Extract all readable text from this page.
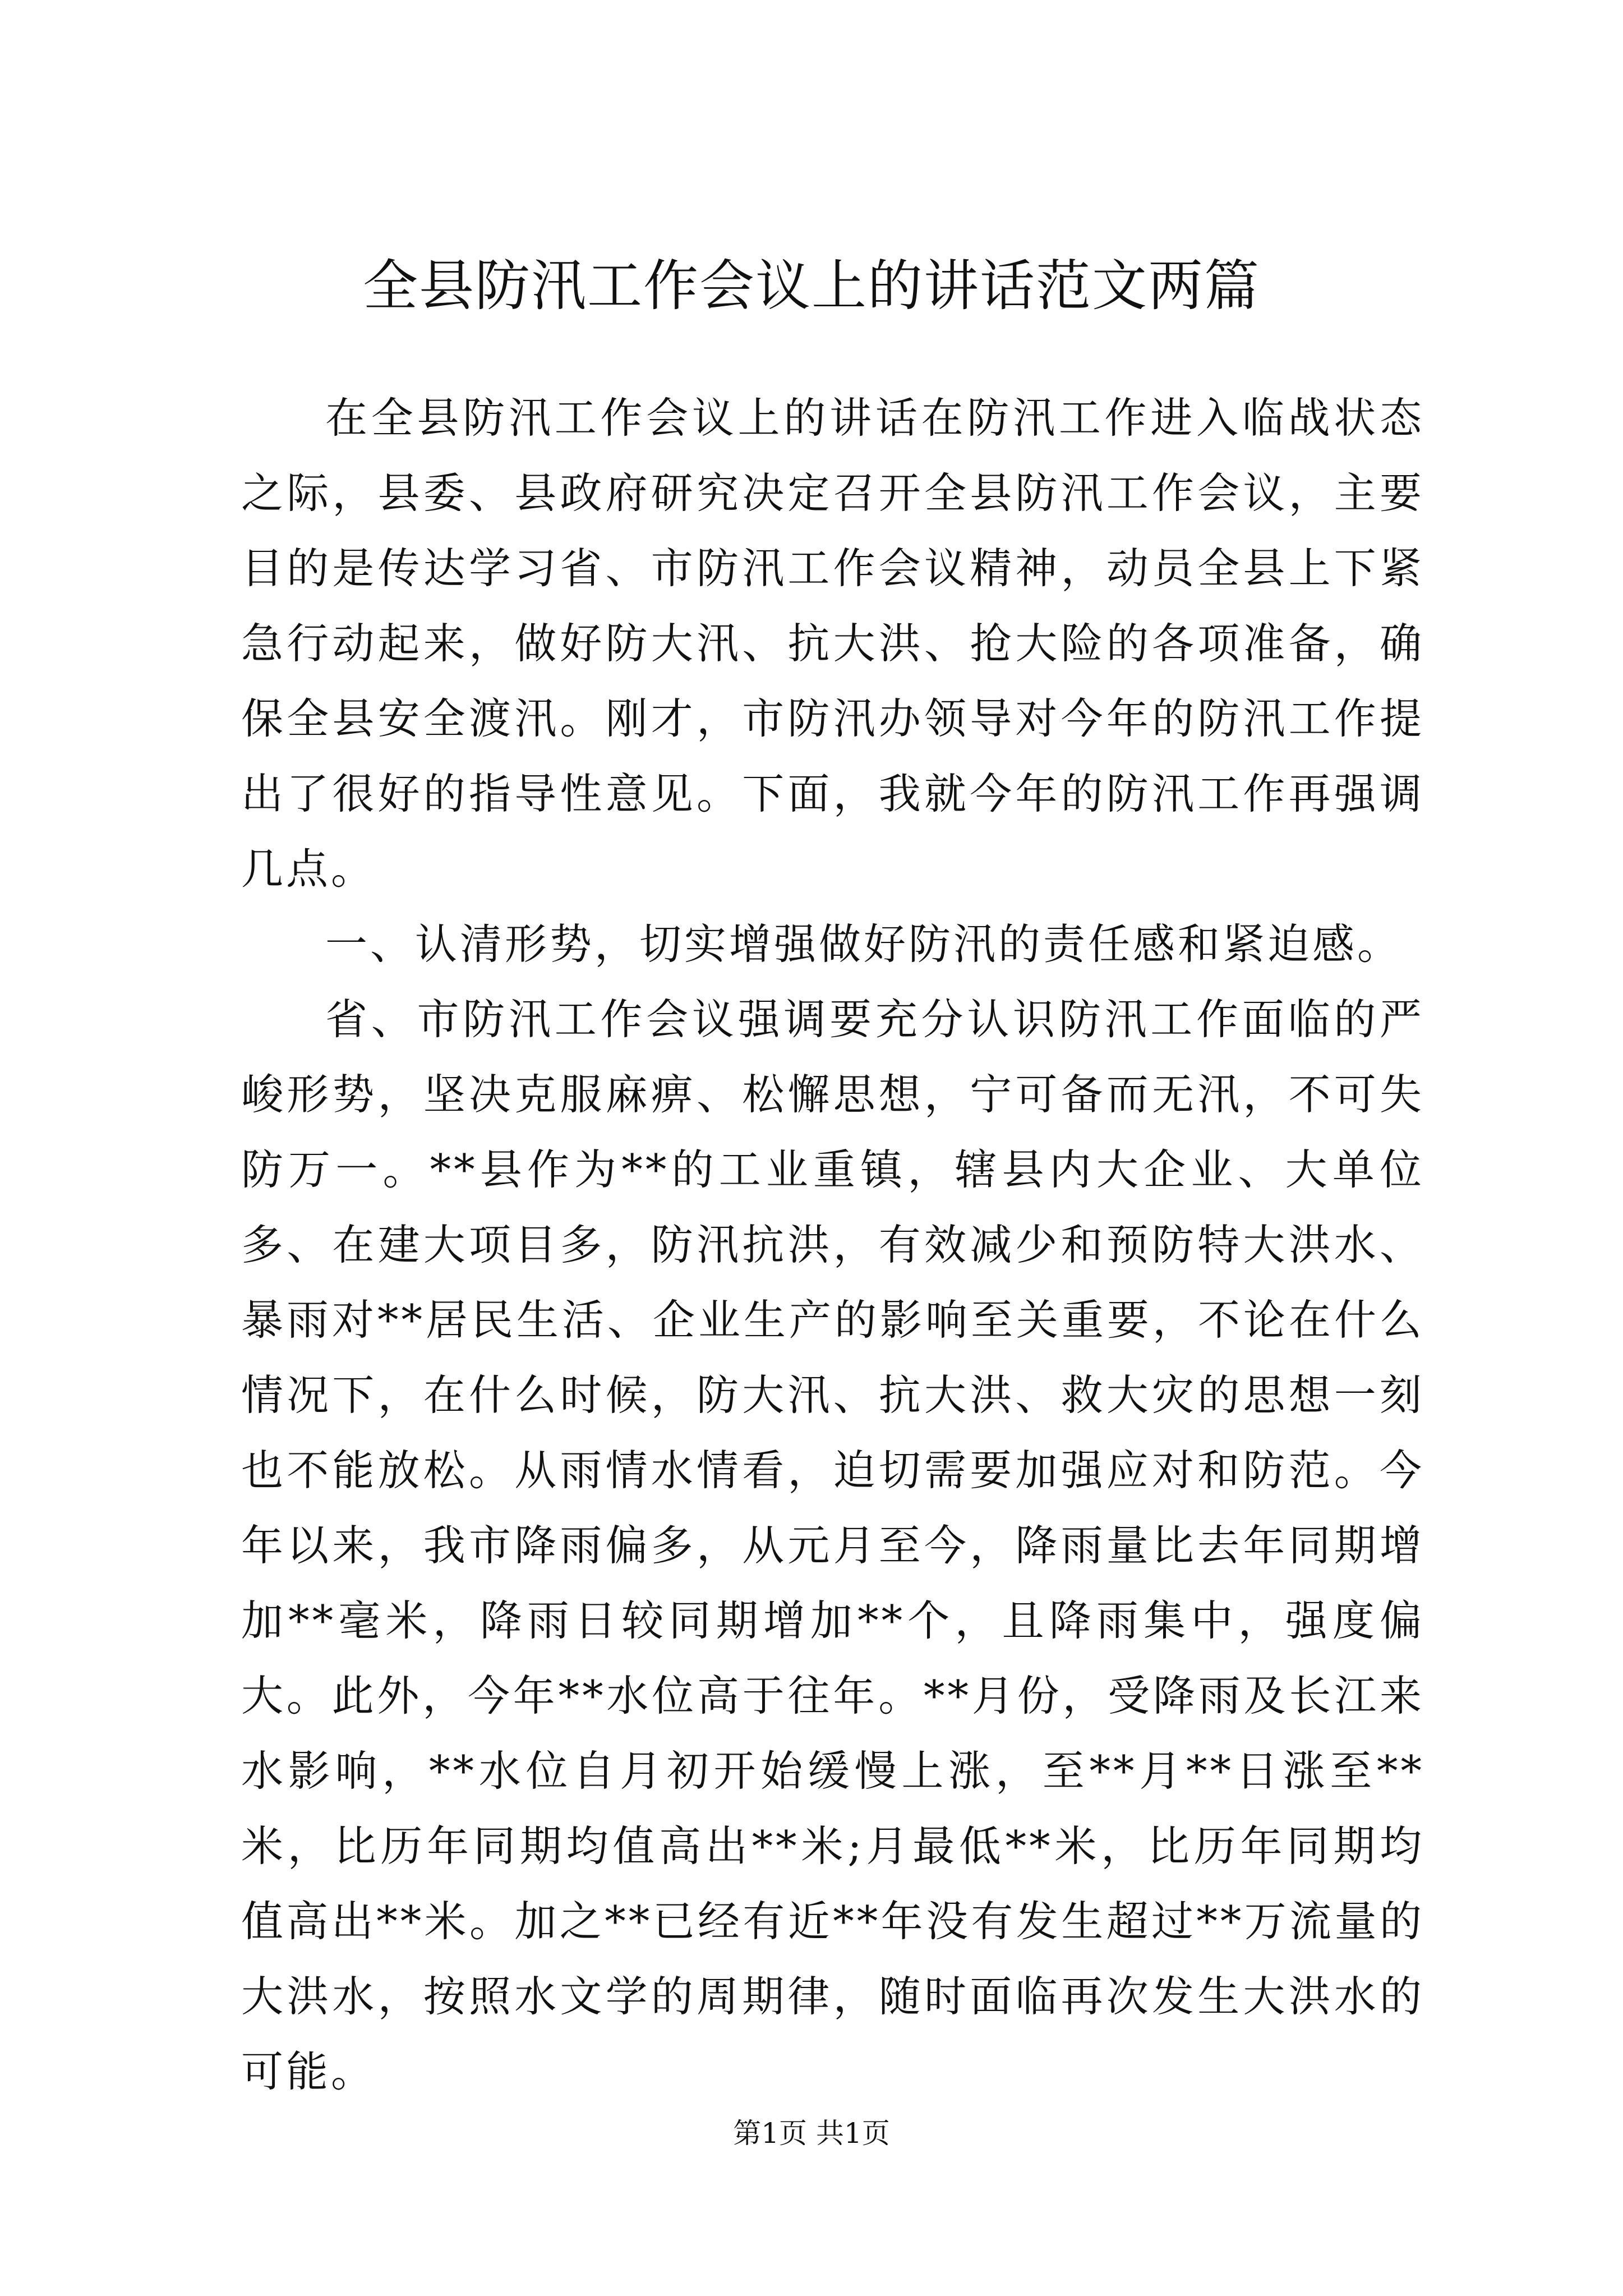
全县防汛工作会议上的讲话范文两篇

在全县防汛工作会议上的讲话在防汛工作进入临战状态之际，县委、县政府研究决定召开全县防汛工作会议，主要目的是传达学习省、市防汛工作会议精神，动员全县上下紧急行动起来，做好防大汛、抗大洪、抢大险的各项准备，确保全县安全渡汛。刚才，市防汛办领导对今年的防汛工作提出了很好的指导性意见。下面，我就今年的防汛工作再强调几点。

一、认清形势，切实增强做好防汛的责任感和紧迫感。

省、市防汛工作会议强调要充分认识防汛工作面临的严峻形势，坚决克服麻痹、松懈思想，宁可备而无汛，不可失防万一。**县作为**的工业重镇，辖县内大企业、大单位多、在建大项目多，防汛抗洪，有效减少和预防特大洪水、暴雨对**居民生活、企业生产的影响至关重要，不论在什么情况下，在什么时候，防大汛、抗大洪、救大灾的思想一刻也不能放松。从雨情水情看，迫切需要加强应对和防范。今年以来，我市降雨偏多，从元月至今，降雨量比去年同期增加**毫米，降雨日较同期增加**个，且降雨集中，强度偏大。此外，今年**水位高于往年。**月份，受降雨及长江来水影响，**水位自月初开始缓慢上涨，至**月**日涨至**米，比历年同期均值高出**米;月最低**米，比历年同期均值高出**米。加之**已经有近**年没有发生超过**万流量的大洪水，按照水文学的周期律，随时面临再次发生大洪水的可能。

第1页 共1页
